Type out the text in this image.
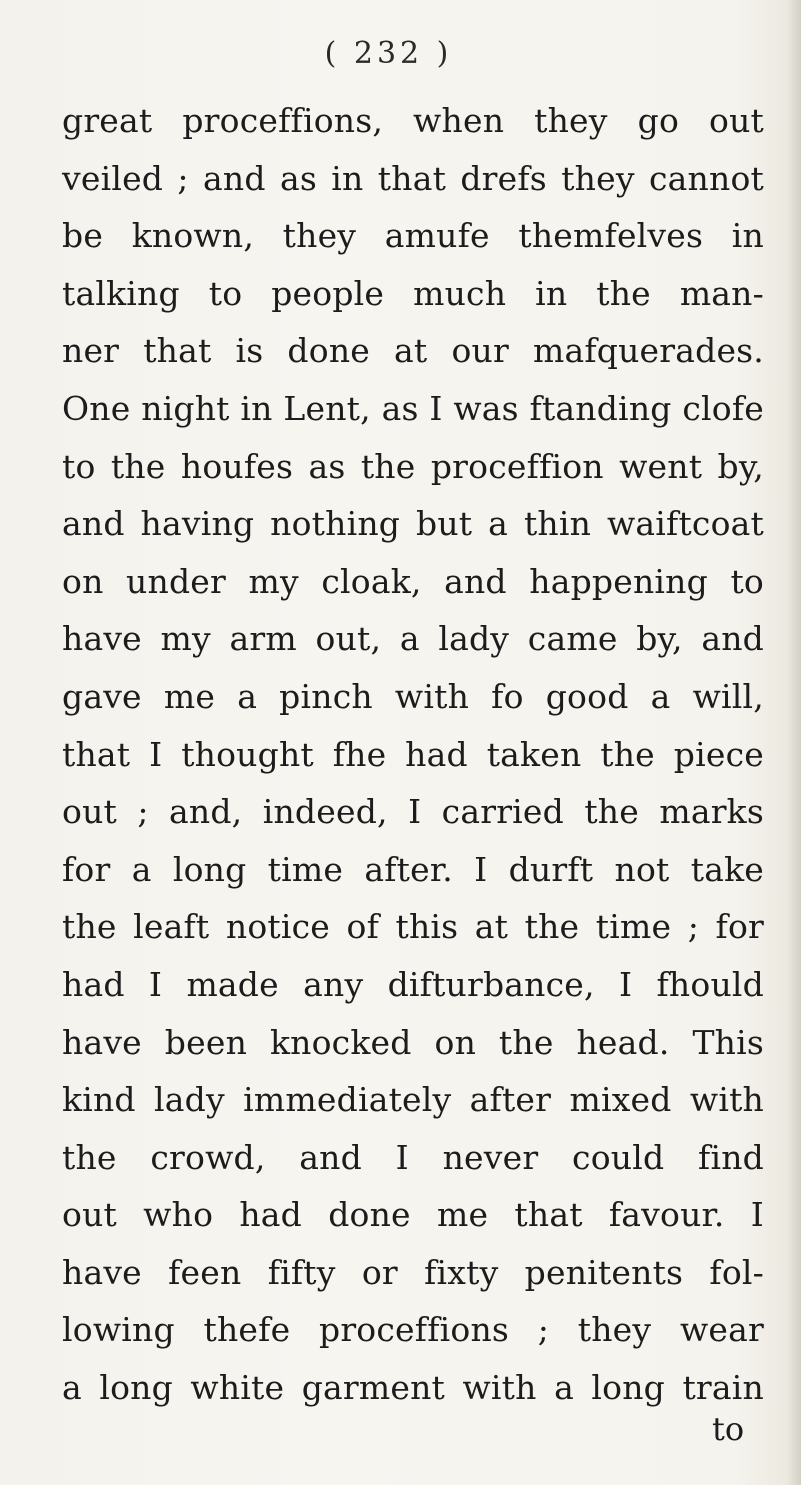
( 232 )
great proceffions, when they go out
veiled ; and as in that drefs they cannot
be known, they amufe themfelves in
talking to people much in the man-
ner that is done at our mafquerades.
One night in Lent, as I was ftanding clofe
to the houfes as the proceffion went by,
and having nothing but a thin waiftcoat
on under my cloak, and happening to
have my arm out, a lady came by, and
gave me a pinch with fo good a will,
that I thought fhe had taken the piece
out ; and, indeed, I carried the marks
for a long time after. I durft not take
the leaft notice of this at the time ; for
had I made any difturbance, I fhould
have been knocked on the head. This
kind lady immediately after mixed with
the crowd, and I never could find
out who had done me that favour. I
have feen fifty or fixty penitents fol-
lowing thefe proceffions ; they wear
a long white garment with a long train
to
